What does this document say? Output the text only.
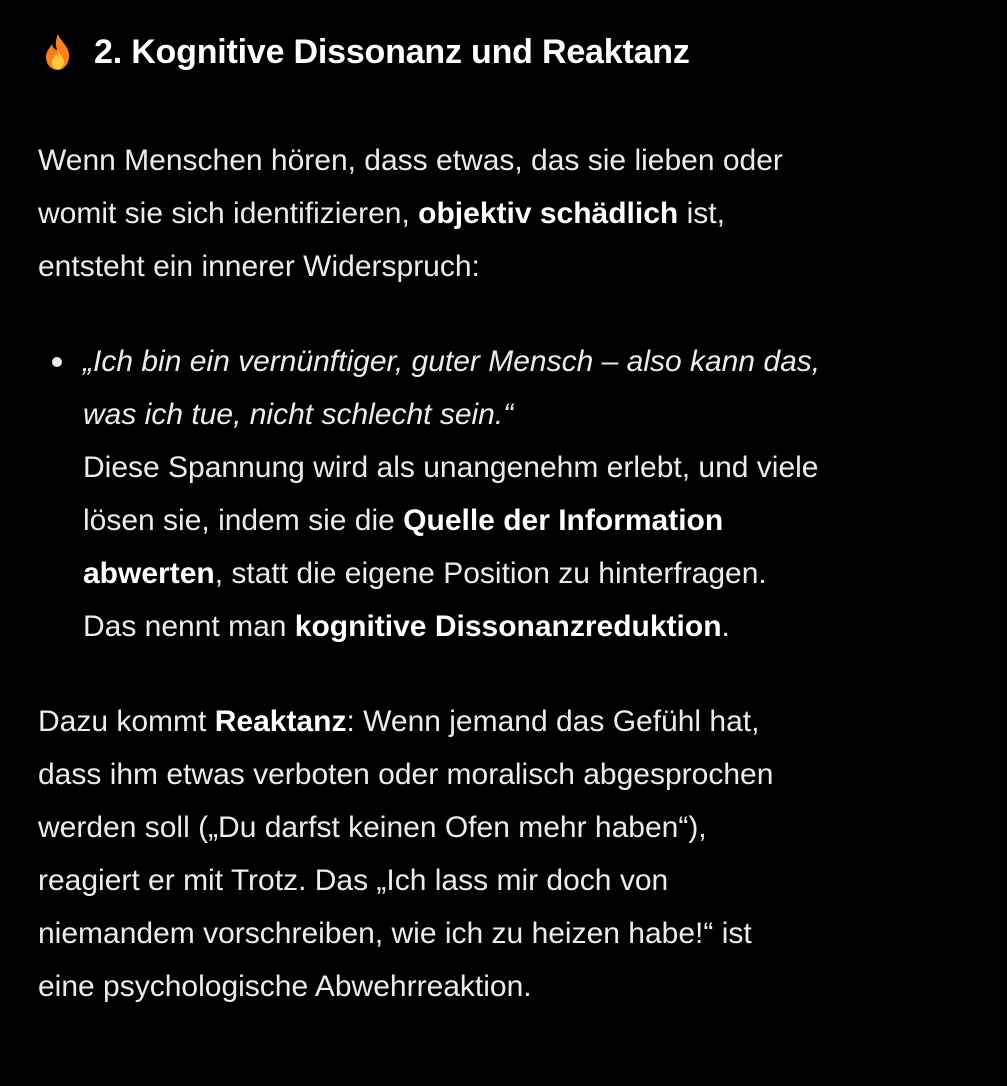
2. Kognitive Dissonanz und Reaktanz

Wenn Menschen hören, dass etwas, das sie lieben oder
womit sie sich identifizieren, objektiv schädlich ist,
entsteht ein innerer Widerspruch:

„Ich bin ein vernünftiger, guter Mensch – also kann das,
was ich tue, nicht schlecht sein.“
Diese Spannung wird als unangenehm erlebt, und viele
lösen sie, indem sie die Quelle der Information
abwerten, statt die eigene Position zu hinterfragen.
Das nennt man kognitive Dissonanzreduktion.

Dazu kommt Reaktanz: Wenn jemand das Gefühl hat,
dass ihm etwas verboten oder moralisch abgesprochen
werden soll („Du darfst keinen Ofen mehr haben“),
reagiert er mit Trotz. Das „Ich lass mir doch von
niemandem vorschreiben, wie ich zu heizen habe!“ ist
eine psychologische Abwehrreaktion.
